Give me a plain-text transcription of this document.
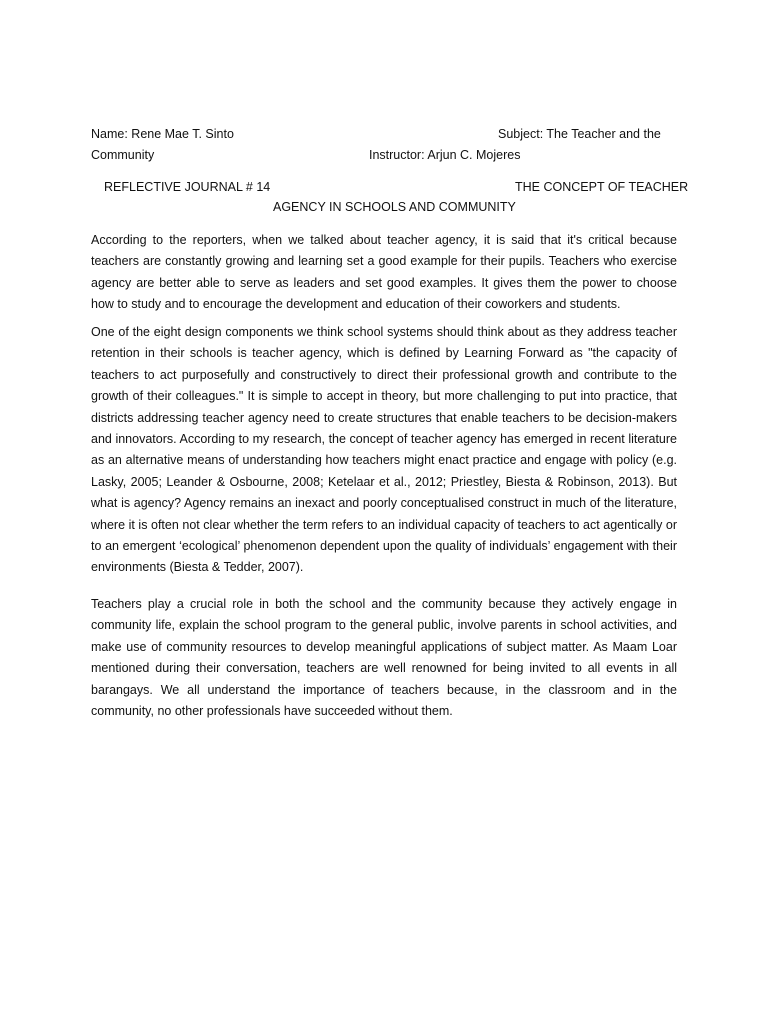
Name: Rene Mae T. Sinto	Subject: The Teacher and the
Community	Instructor: Arjun C. Mojeres
REFLECTIVE JOURNAL # 14	THE CONCEPT OF TEACHER
AGENCY IN SCHOOLS AND COMMUNITY

According to the reporters, when we talked about teacher agency, it is said that it's critical because teachers are constantly growing and learning set a good example for their pupils. Teachers who exercise agency are better able to serve as leaders and set good examples. It gives them the power to choose how to study and to encourage the development and education of their coworkers and students.

One of the eight design components we think school systems should think about as they address teacher retention in their schools is teacher agency, which is defined by Learning Forward as "the capacity of teachers to act purposefully and constructively to direct their professional growth and contribute to the growth of their colleagues." It is simple to accept in theory, but more challenging to put into practice, that districts addressing teacher agency need to create structures that enable teachers to be decision-makers and innovators. According to my research, the concept of teacher agency has emerged in recent literature as an alternative means of understanding how teachers might enact practice and engage with policy (e.g. Lasky, 2005; Leander & Osbourne, 2008; Ketelaar et al., 2012; Priestley, Biesta & Robinson, 2013). But what is agency? Agency remains an inexact and poorly conceptualised construct in much of the literature, where it is often not clear whether the term refers to an individual capacity of teachers to act agentically or to an emergent ‘ecological’ phenomenon dependent upon the quality of individuals’ engagement with their environments (Biesta & Tedder, 2007).

Teachers play a crucial role in both the school and the community because they actively engage in community life, explain the school program to the general public, involve parents in school activities, and make use of community resources to develop meaningful applications of subject matter. As Maam Loar mentioned during their conversation, teachers are well renowned for being invited to all events in all barangays. We all understand the importance of teachers because, in the classroom and in the community, no other professionals have succeeded without them.
